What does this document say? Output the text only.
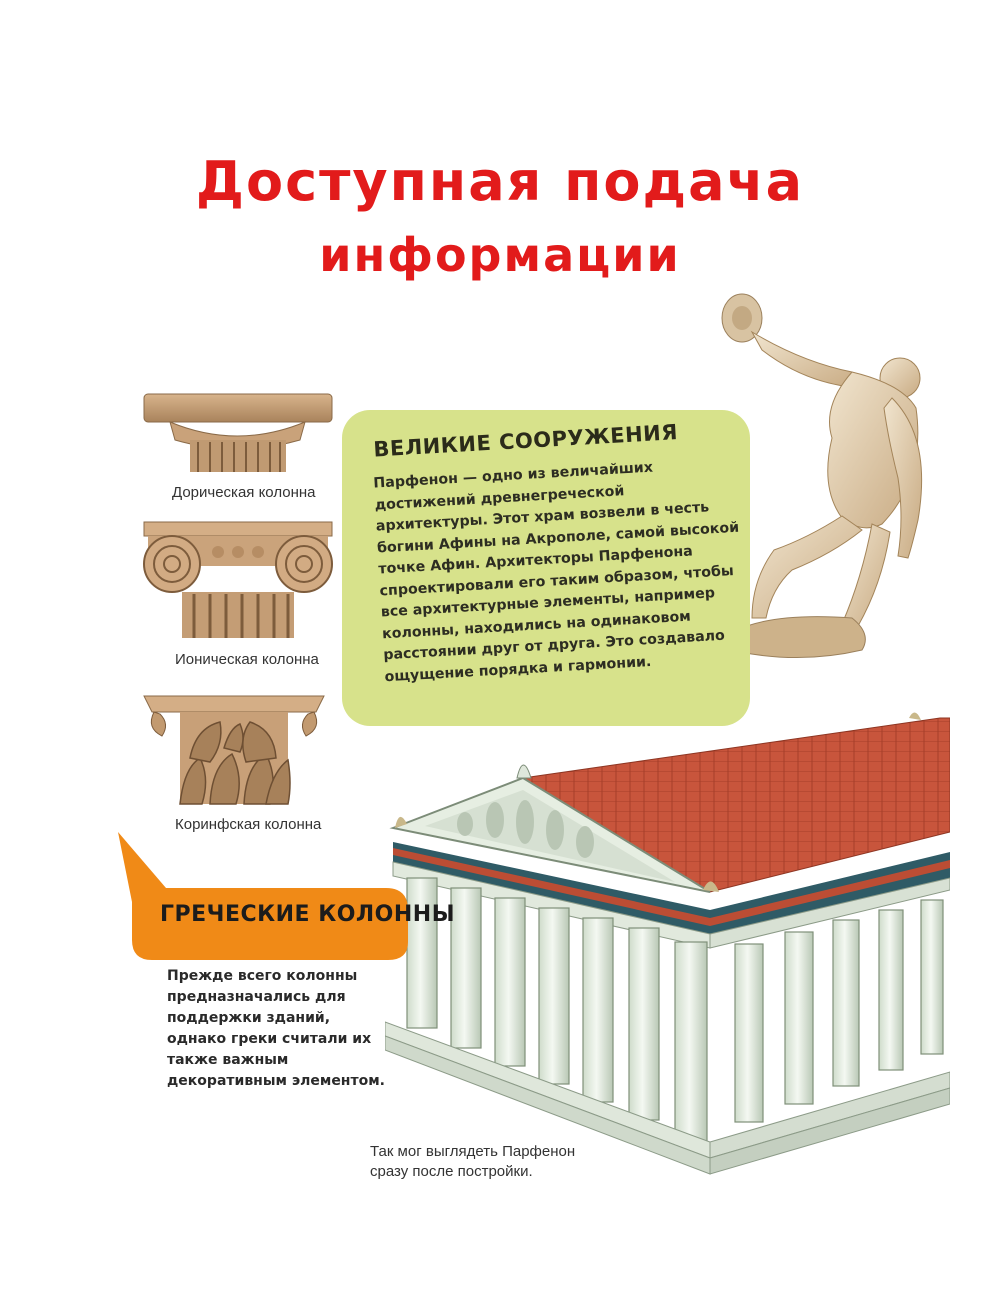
Доступная подача
информации
Дорическая колонна
Ионическая колонна
Коринфская колонна
ВЕЛИКИЕ СООРУЖЕНИЯ
Парфенон — одно из величайших достижений древнегреческой архитектуры. Этот храм возвели в честь богини Афины на Акрополе, самой высокой точке Афин. Архитекторы Парфенона спроектировали его таким образом, чтобы все архитектурные элементы, например колонны, находились на одинаковом расстоянии друг от друга. Это создавало ощущение порядка и гармонии.
ГРЕЧЕСКИЕ КОЛОННЫ
Прежде всего колонны предназначались для поддержки зданий, однако греки считали их также важным декоративным элементом.
Так мог выглядеть Парфенон сразу после постройки.
